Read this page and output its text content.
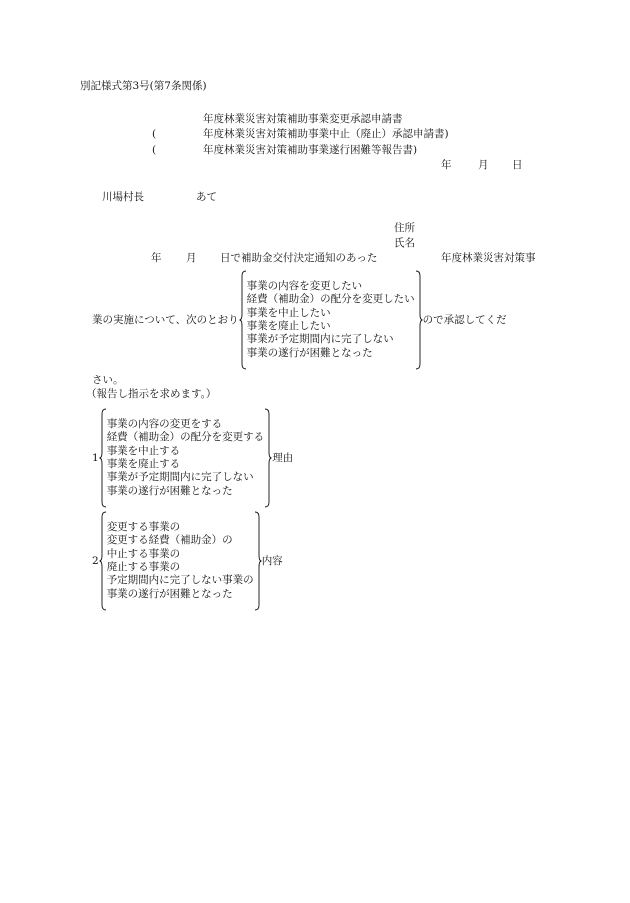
別記様式第3号(第7条関係)
年度林業災害対策補助事業変更承認申請書
(	年度林業災害対策補助事業中止（廃止）承認申請書)
(	年度林業災害対策補助事業遂行困難等報告書)
年	月 日
川場村長	あて
住所
氏名
年 月 日で補助金交付決定通知のあった	年度林業災害対策事
業の実施について、次のとおり
事業の内容を変更したい
経費（補助金）の配分を変更したい
事業を中止したい
事業を廃止したい
事業が予定期間内に完了しない
事業の遂行が困難となった
ので承認してくだ
さい。
（報告し指示を求めます。）
1
事業の内容の変更をする
経費（補助金）の配分を変更する
事業を中止する
事業を廃止する
事業が予定期間内に完了しない
事業の遂行が困難となった
理由
2
変更する事業の
変更する経費（補助金）の
中止する事業の
廃止する事業の
予定期間内に完了しない事業の
事業の遂行が困難となった
内容
